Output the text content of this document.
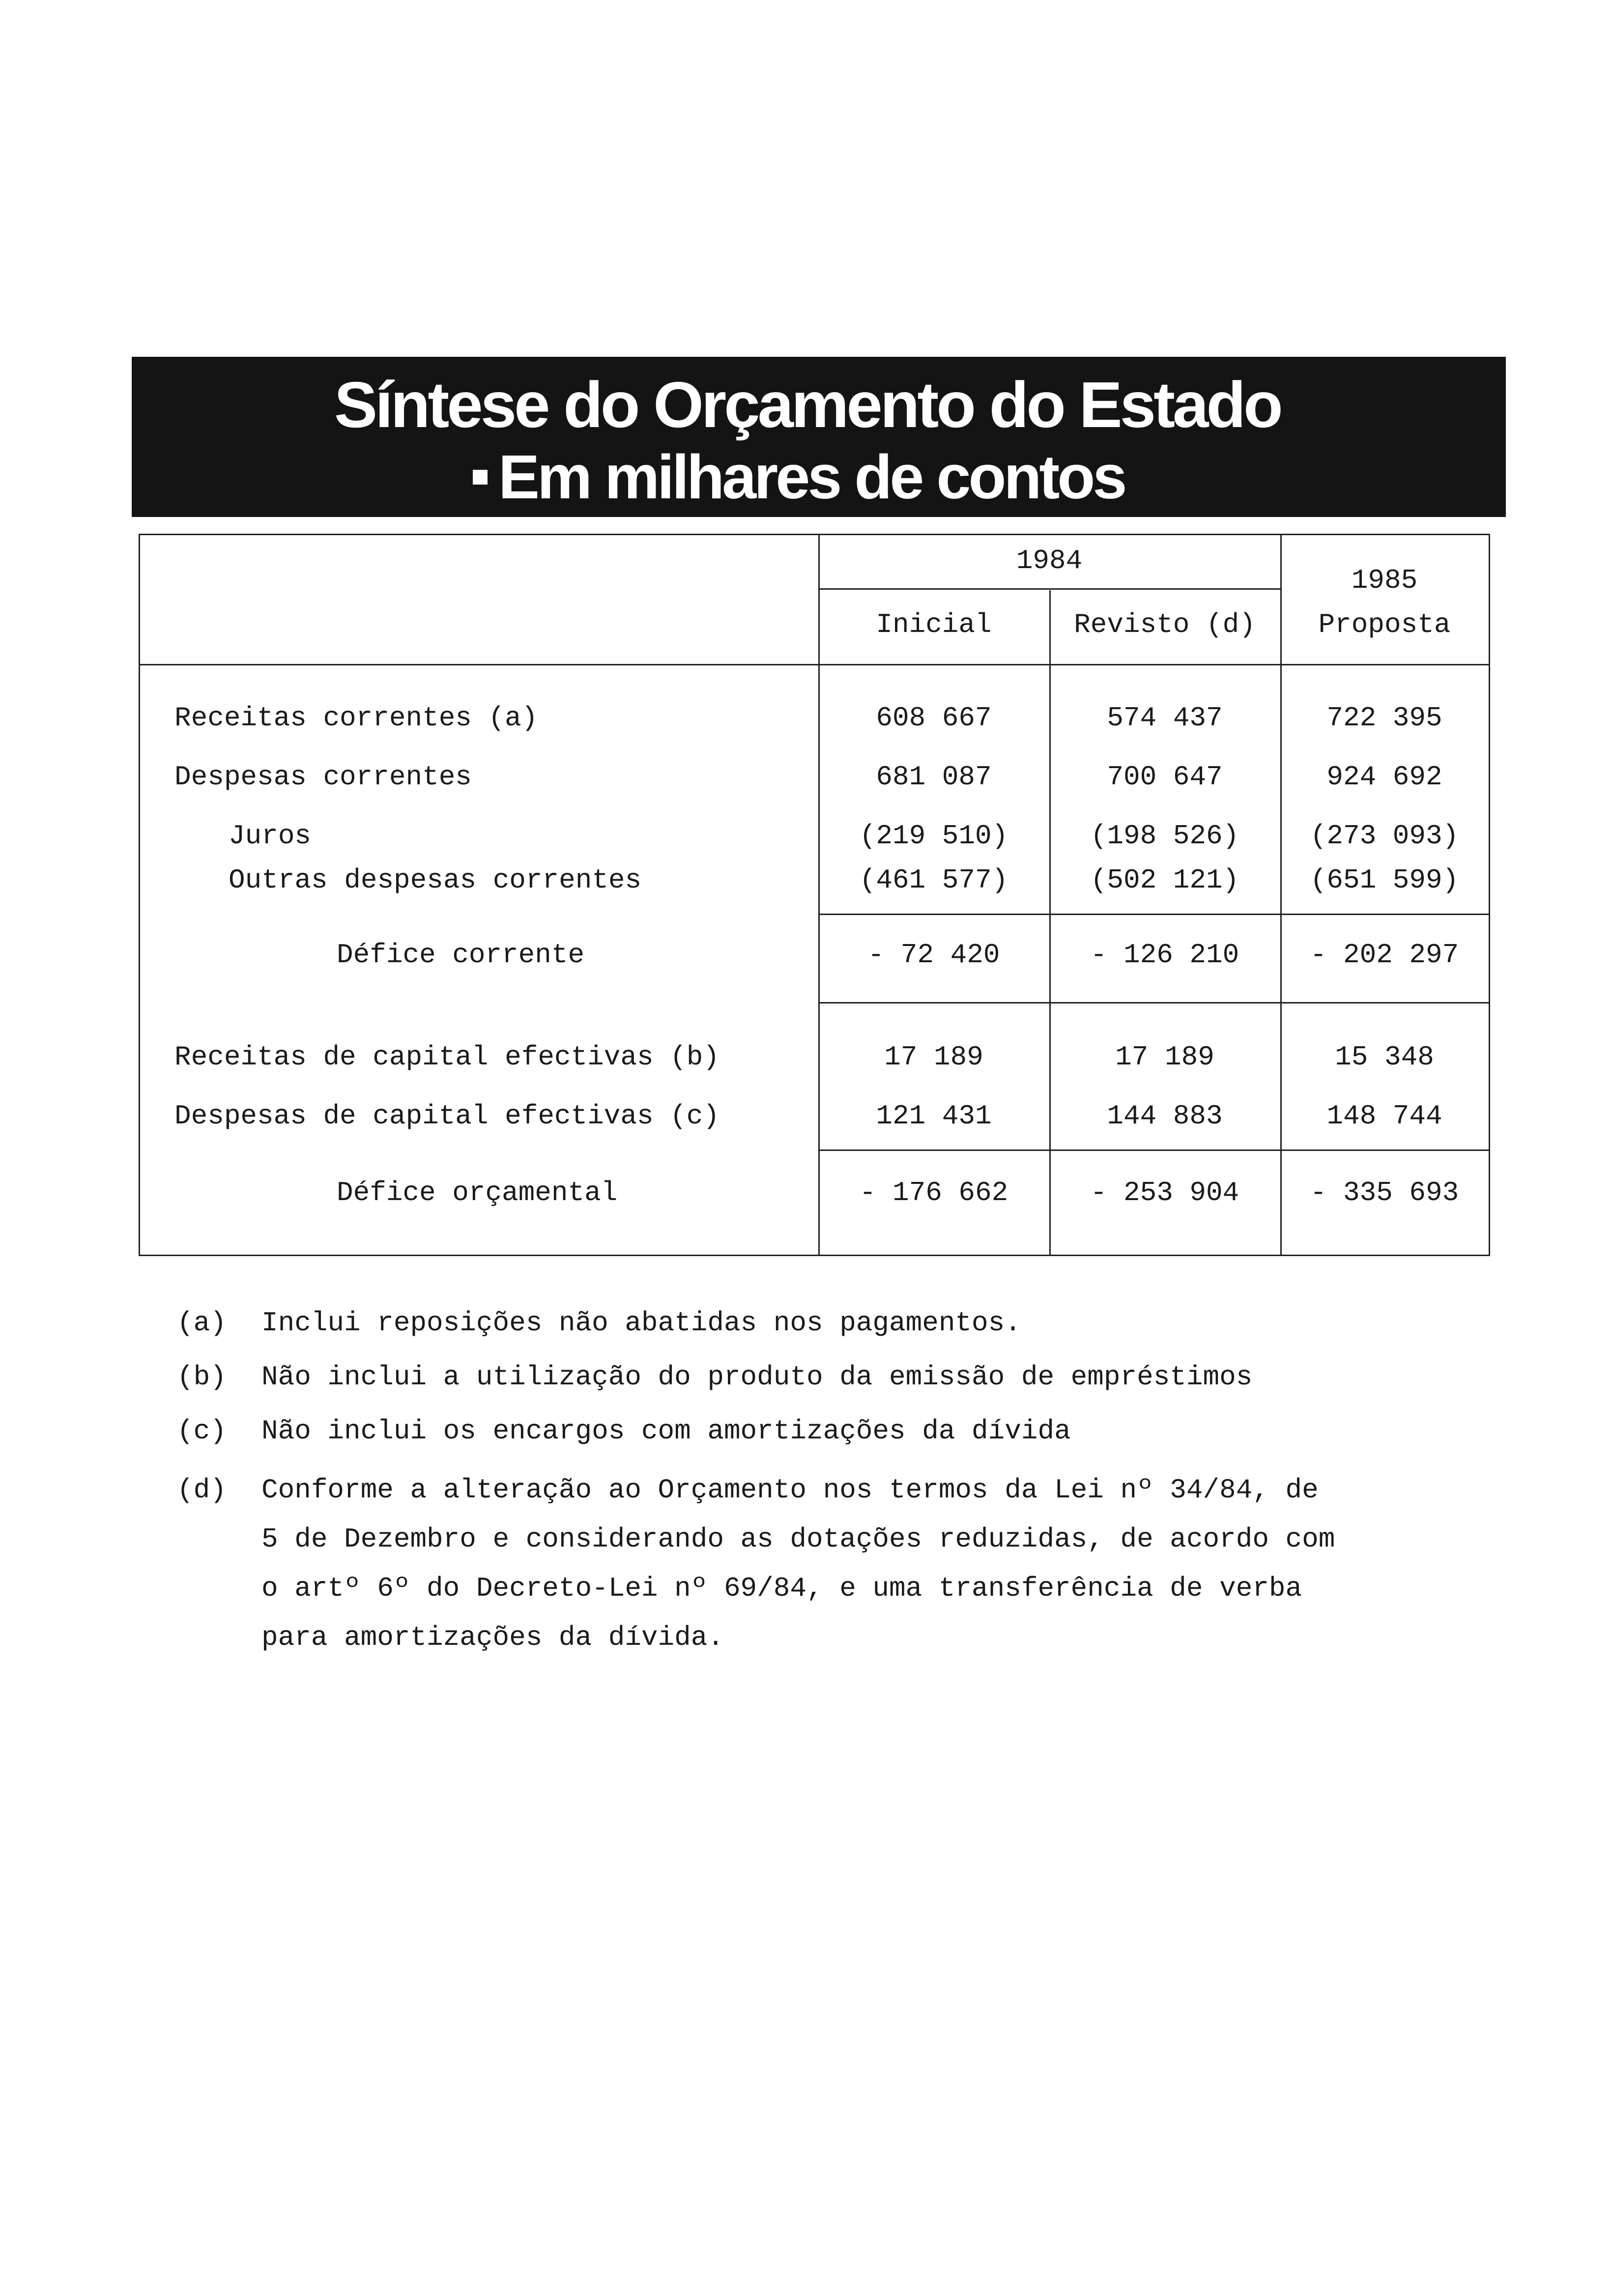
Síntese do Orçamento do Estado
Em milhares de contos
1984
1985
Inicial	Revisto (d)	Proposta
Receitas correntes (a)	608 667	574 437	722 395
Despesas correntes	681 087	700 647	924 692
Juros	(219 510)	(198 526)	(273 093)
Outras despesas correntes	(461 577)	(502 121)	(651 599)
Défice corrente	- 72 420	- 126 210	- 202 297
Receitas de capital efectivas (b)	17 189	17 189	15 348
Despesas de capital efectivas (c)	121 431	144 883	148 744
Défice orçamental	- 176 662	- 253 904	- 335 693
(a) Inclui reposições não abatidas nos pagamentos.
(b) Não inclui a utilização do produto da emissão de empréstimos
(c) Não inclui os encargos com amortizações da dívida
(d) Conforme a alteração ao Orçamento nos termos da Lei nº 34/84, de
5 de Dezembro e considerando as dotações reduzidas, de acordo com
o artº 6º do Decreto-Lei nº 69/84, e uma transferência de verba
para amortizações da dívida.
